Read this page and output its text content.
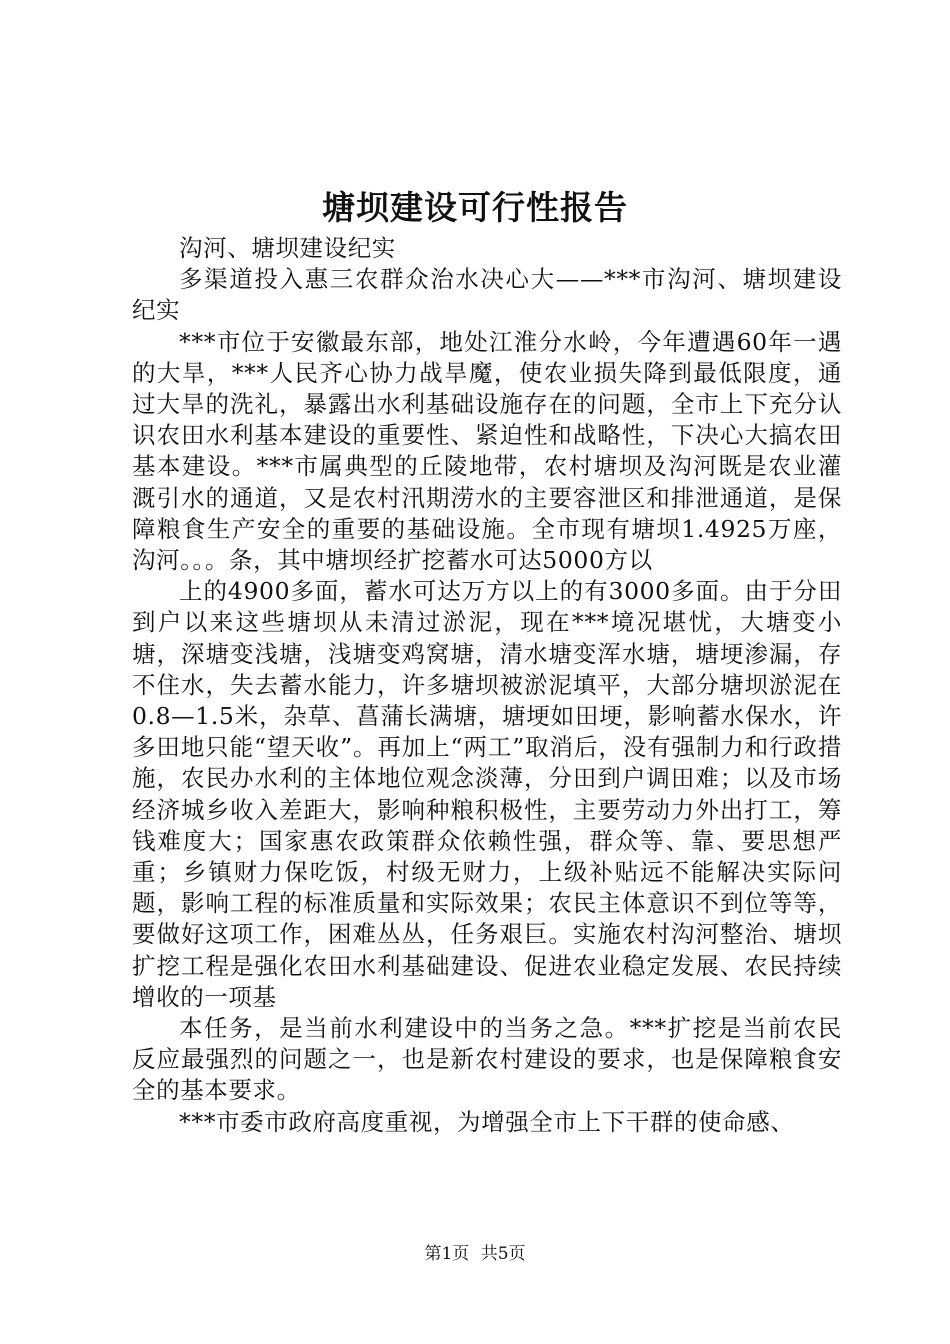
塘坝建设可行性报告

沟河、塘坝建设纪实

多渠道投入惠三农群众治水决心大——***市沟河、塘坝建设纪实

***市位于安徽最东部，地处江淮分水岭，今年遭遇60年一遇的大旱，***人民齐心协力战旱魔，使农业损失降到最低限度，通过大旱的洗礼，暴露出水利基础设施存在的问题，全市上下充分认识农田水利基本建设的重要性、紧迫性和战略性，下决心大搞农田基本建设。***市属典型的丘陵地带，农村塘坝及沟河既是农业灌溉引水的通道，又是农村汛期涝水的主要容泄区和排泄通道，是保障粮食生产安全的重要的基础设施。全市现有塘坝1.4925万座，沟河。。。条，其中塘坝经扩挖蓄水可达5000方以

上的4900多面，蓄水可达万方以上的有3000多面。由于分田到户以来这些塘坝从未清过淤泥，现在***境况堪忧，大塘变小塘，深塘变浅塘，浅塘变鸡窝塘，清水塘变浑水塘，塘埂渗漏，存不住水，失去蓄水能力，许多塘坝被淤泥填平，大部分塘坝淤泥在0.8—1.5米，杂草、菖蒲长满塘，塘埂如田埂，影响蓄水保水，许多田地只能“望天收”。再加上“两工”取消后，没有强制力和行政措施，农民办水利的主体地位观念淡薄，分田到户调田难；以及市场经济城乡收入差距大，影响种粮积极性，主要劳动力外出打工，筹钱难度大；国家惠农政策群众依赖性强，群众等、靠、要思想严重；乡镇财力保吃饭，村级无财力，上级补贴远不能解决实际问题，影响工程的标准质量和实际效果；农民主体意识不到位等等，要做好这项工作，困难丛丛，任务艰巨。实施农村沟河整治、塘坝扩挖工程是强化农田水利基础建设、促进农业稳定发展、农民持续增收的一项基

本任务，是当前水利建设中的当务之急。***扩挖是当前农民反应最强烈的问题之一，也是新农村建设的要求，也是保障粮食安全的基本要求。

***市委市政府高度重视，为增强全市上下干群的使命感、

第1页 共5页
